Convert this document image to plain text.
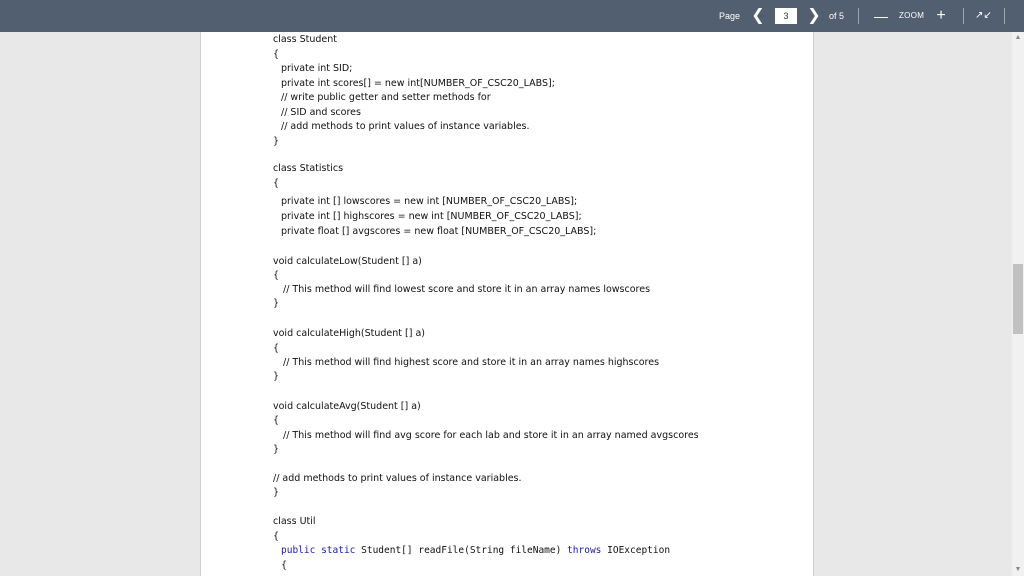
Page ❮
3	❯ of 5 — ZOOM +	↗↙
class Student
{
private int SID;
private int scores[] = new int[NUMBER_OF_CSC20_LABS];
// write public getter and setter methods for
// SID and scores
// add methods to print values of instance variables.
}
class Statistics
{
private int [] lowscores = new int [NUMBER_OF_CSC20_LABS];
private int [] highscores = new int [NUMBER_OF_CSC20_LABS];
private float [] avgscores = new float [NUMBER_OF_CSC20_LABS];
void calculateLow(Student [] a)
{
// This method will find lowest score and store it in an array names lowscores
}
void calculateHigh(Student [] a)
{
// This method will find highest score and store it in an array names highscores
}
void calculateAvg(Student [] a)
{
// This method will find avg score for each lab and store it in an array named avgscores
}
// add methods to print values of instance variables.
}
class Util
{
public static Student[] readFile(String fileName) throws IOException
{
▲
▼
